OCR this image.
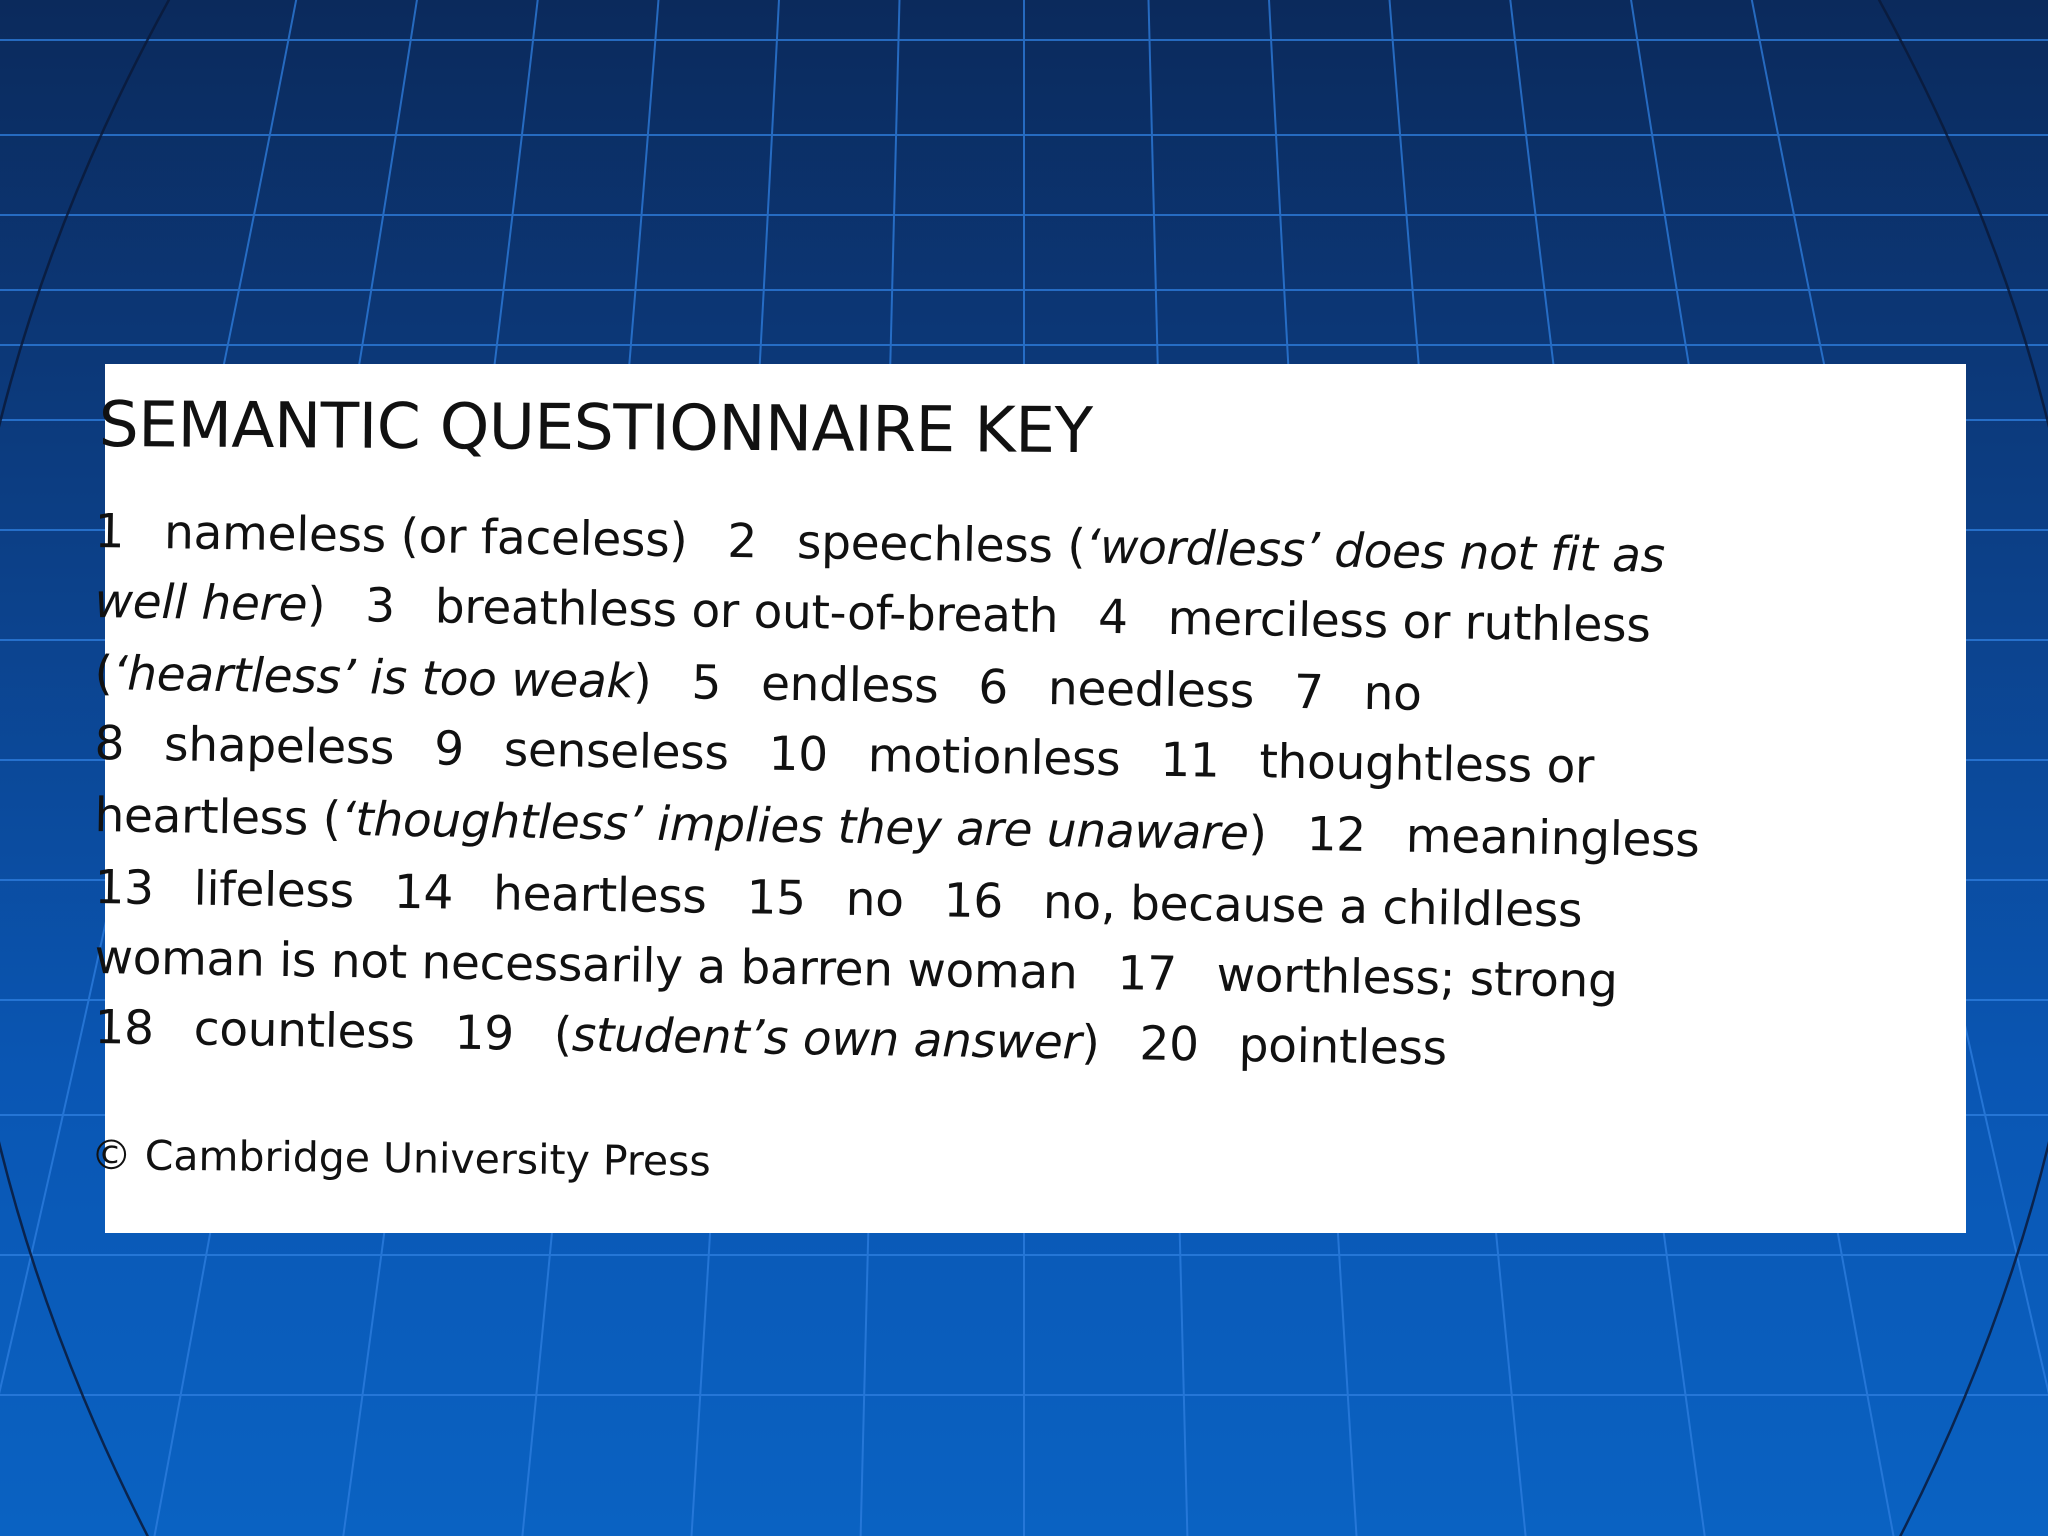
SEMANTIC QUESTIONNAIRE KEY
1 nameless (or faceless) 2 speechless (‘wordless’ does not fit as
well here) 3 breathless or out-of-breath 4 merciless or ruthless
(‘heartless’ is too weak) 5 endless 6 needless 7 no
8 shapeless 9 senseless 10 motionless 11 thoughtless or
heartless (‘thoughtless’ implies they are unaware) 12 meaningless
13 lifeless 14 heartless 15 no 16 no, because a childless
woman is not necessarily a barren woman 17 worthless; strong
18 countless 19 (student’s own answer) 20 pointless
© Cambridge University Press
